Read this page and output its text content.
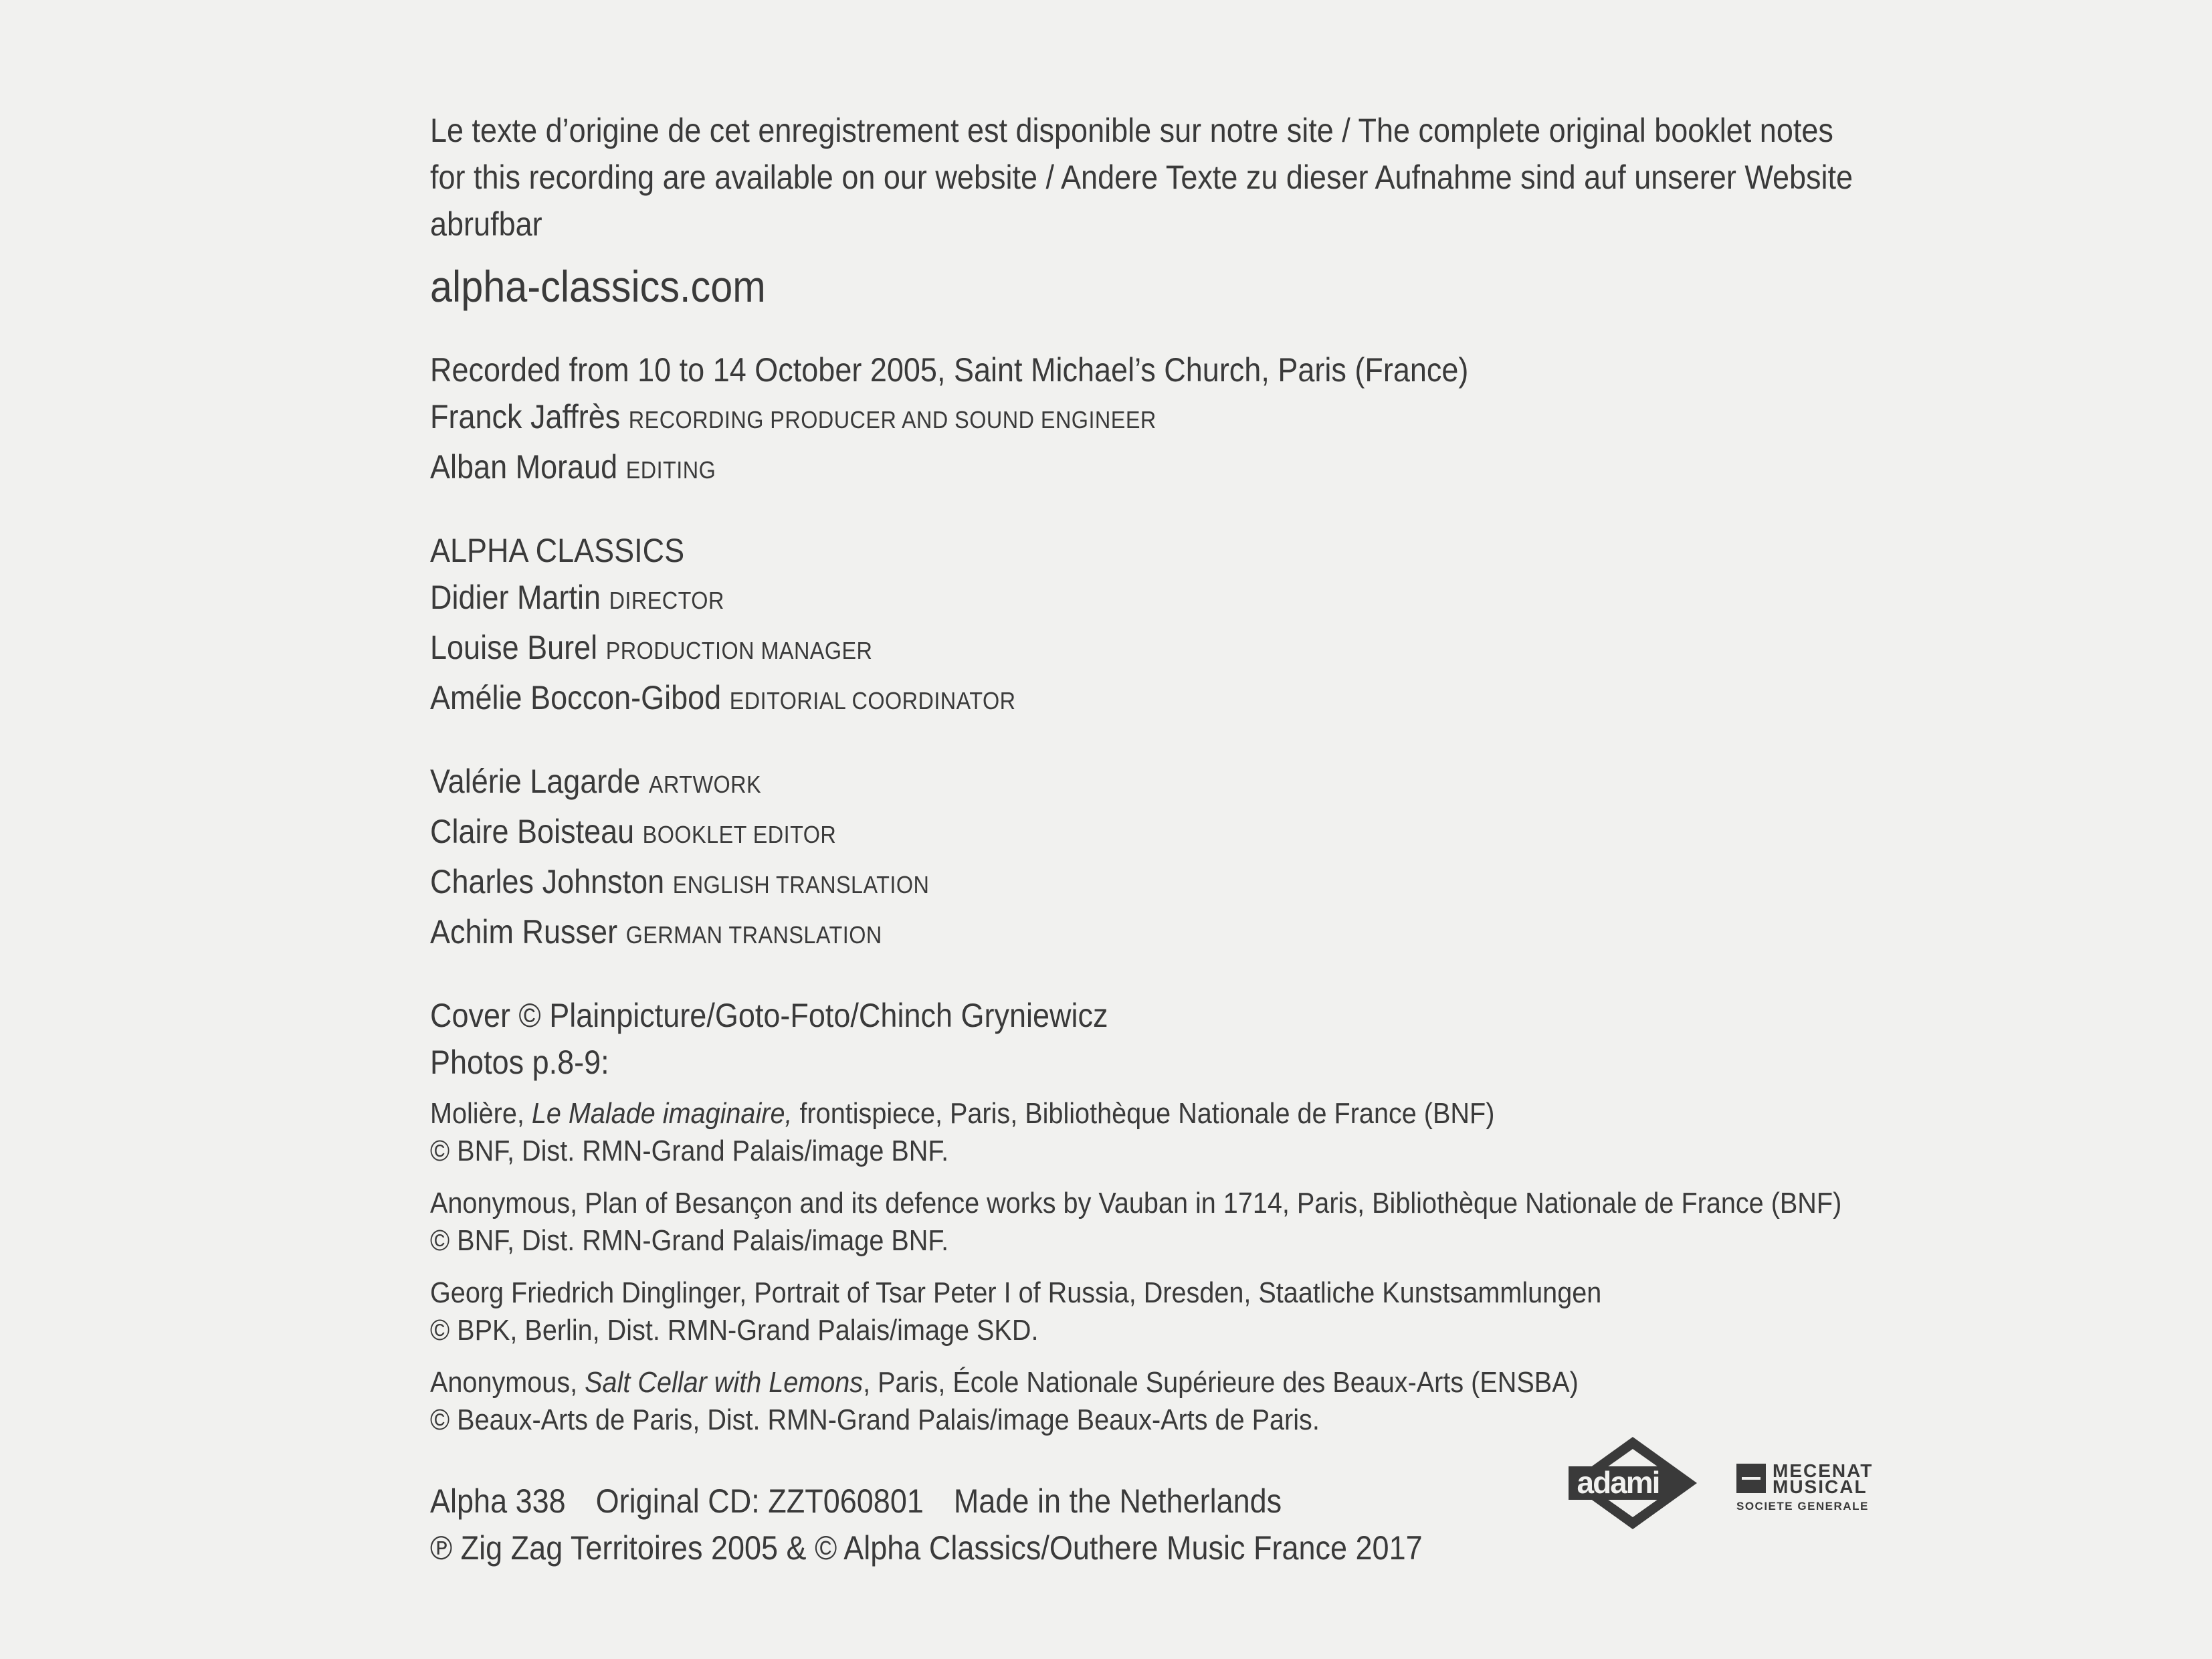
Le texte d’origine de cet enregistrement est disponible sur notre site / The complete original booklet notes for this recording are available on our website / Andere Texte zu dieser Aufnahme sind auf unserer Website abrufbar
alpha-classics.com
Recorded from 10 to 14 October 2005, Saint Michael’s Church, Paris (France)
Franck Jaffrès RECORDING PRODUCER AND SOUND ENGINEER
Alban Moraud EDITING
ALPHA CLASSICS
Didier Martin DIRECTOR
Louise Burel PRODUCTION MANAGER
Amélie Boccon-Gibod EDITORIAL COORDINATOR
Valérie Lagarde ARTWORK
Claire Boisteau BOOKLET EDITOR
Charles Johnston ENGLISH TRANSLATION
Achim Russer GERMAN TRANSLATION
Cover © Plainpicture/Goto-Foto/Chinch Gryniewicz
Photos p.8-9:
Molière, Le Malade imaginaire, frontispiece, Paris, Bibliothèque Nationale de France (BNF)
© BNF, Dist. RMN-Grand Palais/image BNF.
Anonymous, Plan of Besançon and its defence works by Vauban in 1714, Paris, Bibliothèque Nationale de France (BNF)
© BNF, Dist. RMN-Grand Palais/image BNF.
Georg Friedrich Dinglinger, Portrait of Tsar Peter I of Russia, Dresden, Staatliche Kunstsammlungen
© BPK, Berlin, Dist. RMN-Grand Palais/image SKD.
Anonymous, Salt Cellar with Lemons, Paris, École Nationale Supérieure des Beaux-Arts (ENSBA)
© Beaux-Arts de Paris, Dist. RMN-Grand Palais/image Beaux-Arts de Paris.
Alpha 338 Original CD: ZZT060801 Made in the Netherlands
℗ Zig Zag Territoires 2005 & © Alpha Classics/Outhere Music France 2017
adami	MECENAT
MUSICAL
SOCIETE GENERALE
